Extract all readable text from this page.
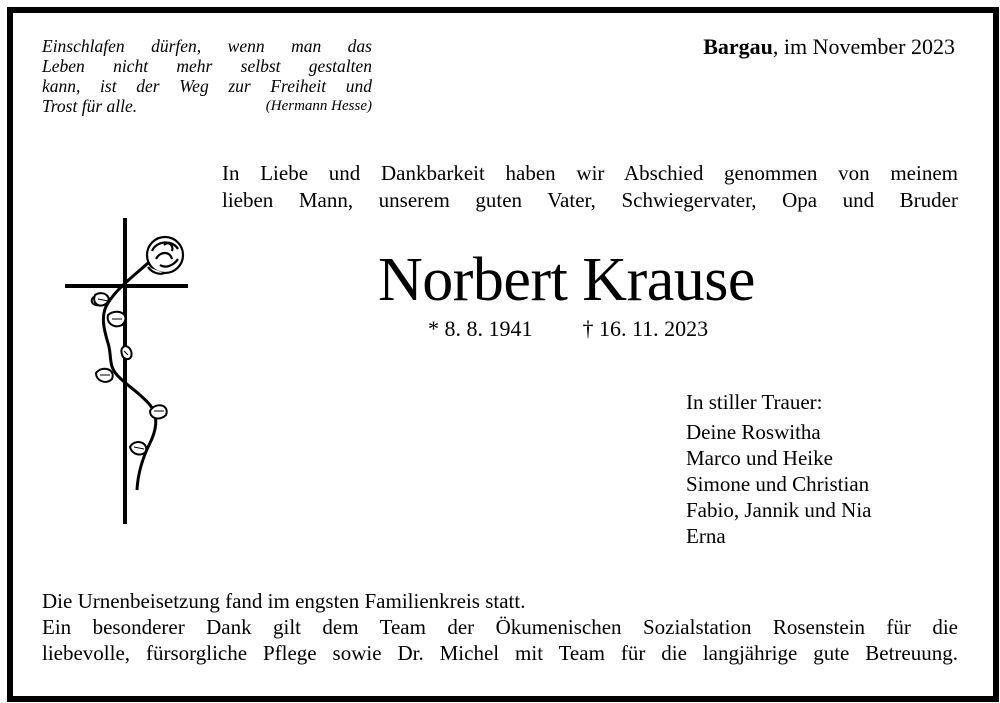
Einschlafen dürfen, wenn man das
Leben nicht mehr selbst gestalten
kann, ist der Weg zur Freiheit und
Trost für alle.	(Hermann Hesse)
Bargau, im November 2023
In Liebe und Dankbarkeit haben wir Abschied genommen von meinem
lieben Mann, unserem guten Vater, Schwiegervater, Opa und Bruder
Norbert Krause
* 8. 8. 1941 † 16. 11. 2023
In stiller Trauer:
Deine Roswitha
Marco und Heike
Simone und Christian
Fabio, Jannik und Nia
Erna
Die Urnenbeisetzung fand im engsten Familienkreis statt.
Ein besonderer Dank gilt dem Team der Ökumenischen Sozialstation Rosenstein für die
liebevolle, fürsorgliche Pflege sowie Dr. Michel mit Team für die langjährige gute Betreuung.
